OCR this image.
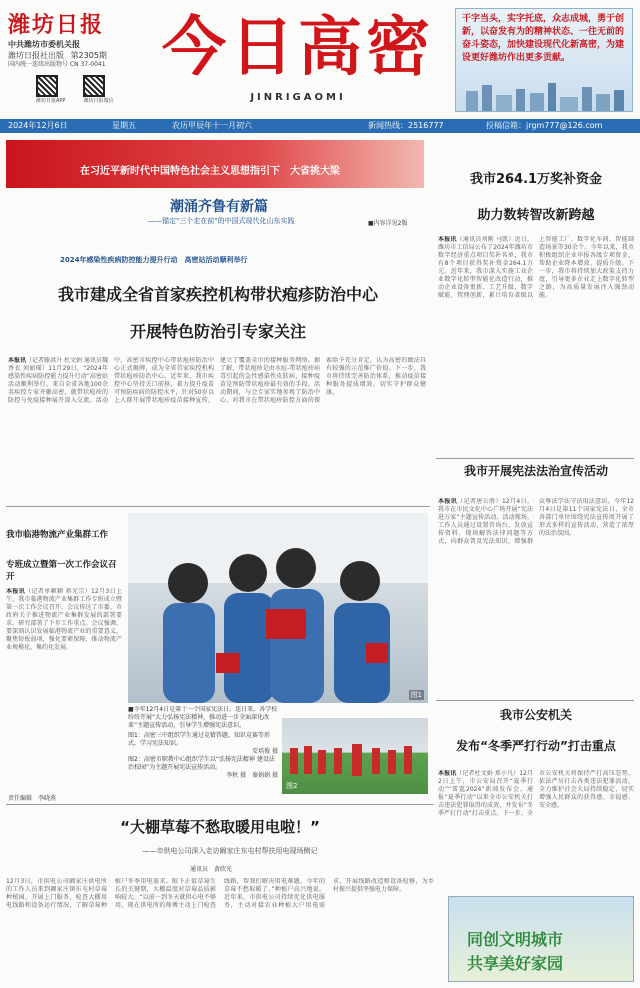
潍坊日报
中共潍坊市委机关报
潍坊日报社出版 第2305期
国内统一连续出版物号 CN 37-0041
潍坊日报APP	潍坊日报微信
今日高密
JINRIGAOMI
干字当头，实字托底，众志成城，勇于创新，以奋发有为的精神状态、一往无前的奋斗姿态，加快建设现代化新高密，为建设更好潍坊作出更多贡献。
2024年12月6日	星期五	农历甲辰年十一月初六	新闻热线：2516777	投稿信箱：jrgm777@126.com
在习近平新时代中国特色社会主义思想指引下　大省挑大梁
潮涌齐鲁有新篇
——锚定"三个走在前"的中国式现代化山东实践	■内容详见2版
2024年感染性疾病防控能力提升行动　高密站活动顺利举行
我市建成全省首家疾控机构带状疱疹防治中心
开展特色防治引专家关注
本报讯（记者滕洪升 杜文娟 通讯员魏香衣 刘丽瑶）11月29日，“2024年感染性疾病防控能力提升行动”高密站活动顺利举行。来自全省各地100余名疾控专家齐聚高密，就带状疱疹的防控与免疫接种展开深入交流。活动中，高密市疾控中心带状疱疹防治中心正式揭牌，成为全省首家疾控机构带状疱疹防治中心。近年来，我市疾控中心坚持关口前移，着力提升疫苗可预防疾病的防控水平，针对50岁以上人群开展带状疱疹疫苗接种宣传，建立了覆盖全市的接种服务网络。据了解，带状疱疹是由水痘-带状疱疹病毒引起的急性感染性皮肤病，接种疫苗是预防带状疱疹最有效的手段。活动期间，与会专家实地参观了防治中心，对我市在带状疱疹防控方面的探索给予充分肯定，认为高密的做法具有较强的示范推广价值。下一步，我市将持续完善防治体系，推动疫苗接种服务提质增效，切实守护群众健康。
我市264.1万奖补资金
助力数转智改新跨越
本报讯（通讯员刘刚 马凯）近日，潍坊市工信局公布了2024年潍坊市数字经济重点项目奖补名单，我市有8个项目获得奖补资金264.1万元。近年来，我市深入实施工业企业数字化转型智能化改造行动，推动企业设备更新、工艺升级、数字赋能、管理创新，累计培育省级以上智能工厂、数字化车间、智能制造场景等30余个。今年以来，我市积极组织企业申报各级专项资金，帮助企业降本增效、提质升级。下一步，我市将持续加大政策支持力度，引导更多企业走上数字化转型之路，为高质量发展注入强劲动能。
我市开展宪法法治宣传活动
本报讯（记者唐公胜）12月4日，我市在市民文化中心广场开展“宪法进万家”主题宣传活动。活动现场，工作人员通过设置咨询台、发放宣传资料、现场解答法律问题等方式，向群众普及宪法知识，增强群众尊法学法守法用法意识。今年12月4日是第11个国家宪法日，全市各部门单位围绕宪法宣传周开展了形式多样的宣传活动，营造了浓厚的法治氛围。
我市公安机关
发布“冬季严打行动”打击重点
本报讯（记者杜文娟 郑小凡）12月2日上午，市公安局召开“夏季行动”“雷霆2024”新闻发布会。通报“夏季行动”以来全市公安机关打击违法犯罪取得的成效，并发布“冬季严打行动”打击重点。下一步，全市公安机关将保持严打高压态势，依法严厉打击各类违法犯罪活动，全力维护社会大局持续稳定，切实增强人民群众的获得感、幸福感、安全感。
同创文明城市
共享美好家园
我市临港物流产业集群工作
专班成立暨第一次工作会议召开
本报讯（记者单颖颖 蒋光宗）12月3日上午，我市临港物流产业集群工作专班成立暨第一次工作会议召开。会议传达了市委、市政府关于推进物流产业集群发展的部署要求，研究部署了下步工作重点。会议强调，要深刻认识发展临港物流产业的重要意义，聚焦短板弱项，强化要素保障，推动物流产业规模化、集约化发展。
责任编辑　李晓燕
图1
■今年12月4日是第十一个国家宪法日。连日来，各学校纷纷开展“大力弘扬宪法精神，推动进一步全面深化改革”主题宣传活动，引导学生增强宪法意识。
图1：高密三中组织学生通过竞猜答题、知识竞赛等形式，学习宪法知识。
安培俊 摄
图2：高密市职教中心组织学生以“弘扬宪法精神 建设法治校园”为主题开展宪法宣传活动。
李秋 摄　秦娟娟 摄
图2
“大棚草莓不愁取暖用电啦！”
——市供电公司深入走访阚家庄东屯村帮扶用电现场侧记
通讯员　黄欣光
12月3日，市供电公司阚家庄供电所的工作人员来到阚家庄镇东屯村草莓种植园，开展上门服务，检查大棚用电线路和设备运行情况，了解草莓种植户冬季用电需求。眼下正值草莓生长的关键期，大棚温度对草莓品质影响较大。“以前一到冬天就担心电不够用，现在供电所的师傅主动上门检查线路，帮我们解决用电难题，今年的草莓不愁取暖了。”种植户高兴地说。近年来，市供电公司持续优化供电服务，主动对接农业种植大户用电需求，开展线路改造和设备检修，为乡村振兴提供坚强电力保障。
